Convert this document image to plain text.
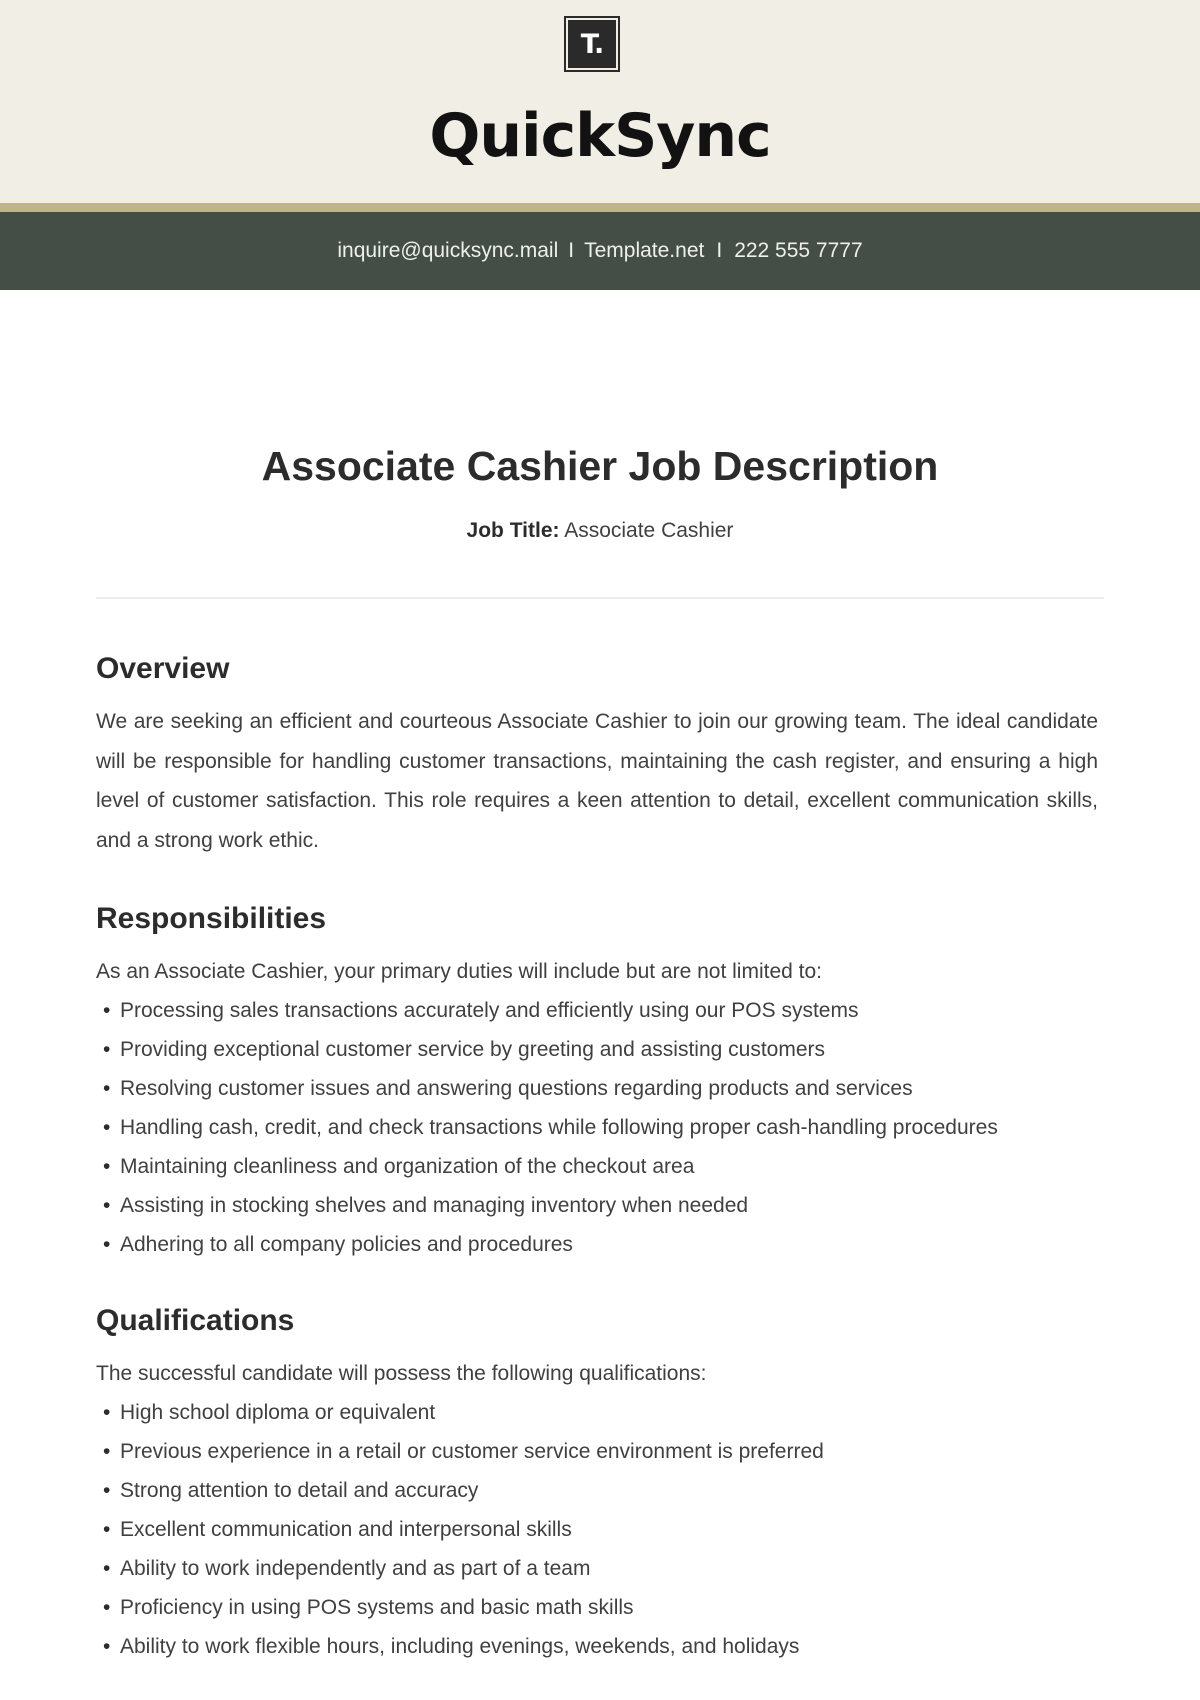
T.
QuickSync
inquire@quicksync.mail I Template.net I 222 555 7777
Associate Cashier Job Description
Job Title: Associate Cashier
Overview

We are seeking an efficient and courteous Associate Cashier to join our growing team. The ideal candidate will be responsible for handling customer transactions, maintaining the cash register, and ensuring a high level of customer satisfaction. This role requires a keen attention to detail, excellent communication skills, and a strong work ethic.

Responsibilities

As an Associate Cashier, your primary duties will include but are not limited to:

• Processing sales transactions accurately and efficiently using our POS systems
• Providing exceptional customer service by greeting and assisting customers
• Resolving customer issues and answering questions regarding products and services
• Handling cash, credit, and check transactions while following proper cash-handling procedures
• Maintaining cleanliness and organization of the checkout area
• Assisting in stocking shelves and managing inventory when needed
• Adhering to all company policies and procedures
Qualifications

The successful candidate will possess the following qualifications:

• High school diploma or equivalent
• Previous experience in a retail or customer service environment is preferred
• Strong attention to detail and accuracy
• Excellent communication and interpersonal skills
• Ability to work independently and as part of a team
• Proficiency in using POS systems and basic math skills
• Ability to work flexible hours, including evenings, weekends, and holidays
